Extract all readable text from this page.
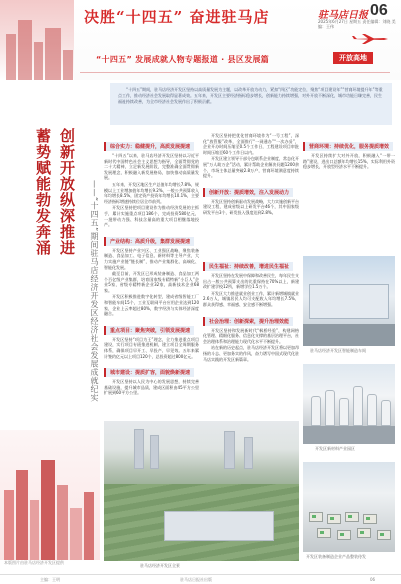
决胜“十四五” 奋进驻马店	驻马店日报 06
2025年6月27日 星期五 责任编辑：刘晓 美编：王伟
“十四五” 发展成就人物专题报道 · 县区发展篇	开放高地

“十四五”期间，驻马店经济开发区坚持以高质量发展为主题，以改革开放为动力，紧扣“四区”功能定位，聚焦“项目建设年”“营商环境提升年”等重点工作，推动经济社会发展取得显著成效。五年来，开发区主要经济指标稳步增长，创新能力持续增强，对外开放不断深化，城市功能日臻完善，民生福祉持续改善，为全市经济社会发展作出了积极贡献。

创新开放纵深推进
蓄势赋能勃发奔涌	——“十四五”期间驻马店经济开发区经济社会发展成就纪实
本版图片由驻马店经济开发区提供
综合实力：稳健提升，高质发展提速

“十四五”以来，驻马店经济开发区坚持以习近平新时代中国特色社会主义思想为指导，全面贯彻党的二十大精神，立足新发展阶段，完整准确全面贯彻新发展理念，积极融入新发展格局，加快推动高质量发展。

五年来，开发区地区生产总值年均增长7.8%，规模以上工业增加值年均增长9.2%，一般公共预算收入年均增长8.5%，固定资产投资年均增长10.1%，主要经济指标增速持续位居全市前列。

开发区坚持把项目建设作为推动经济发展的主抓手，累计实施重点项目186个，完成投资580亿元，一批带动力强、科技含量高的重大项目相继落地投产。

产业结构：高质升级，集群发展提速

开发区坚持产业兴区、工业强区战略，聚焦装备制造、食品加工、电子信息、新材料等主导产业，大力实施产业链“链长制”，推动产业集群化、高端化、智能化发展。

截至目前，开发区已形成装备制造、食品加工两个百亿级产业集群，培育国家级专精特新“小巨人”企业5家，省级专精特新企业32家，高新技术企业68家。

开发区积极推进数字化转型，建成省级智能工厂和智能车间15个，工业互联网平台应用企业达到120家，企业上云率超过80%，数字经济与实体经济深度融合。

重点项目：聚焦突破，引领发展提速

开发区坚持“项目为王”理念，全力推进重点项目建设，实行项目专班推进机制，建立项目全周期服务体系，确保项目早开工、早投产、早见效。五年来累计签约亿元以上项目120个，总投资超过800亿元。

城市建设：提质扩容，面貌焕新提速

开发区坚持以人民为中心的发展思想，持续完善基础设施，提升城市品质，建成区面积由45平方公里扩展到60平方公里。

开发区坚持把优化营商环境作为“一号工程”，深化“放管服”改革，全面推行“一网通办”“一次办妥”，企业开办时间压缩至0.5个工作日，工程建设项目审批时间压缩至60个工作日以内。

开发区建立领导干部分包联系企业制度，常态化开展“万人助万企”活动，累计帮助企业解决问题1200余个，市场主体总量突破2.8万户，营商环境满意度持续提升。

创新开放：提质增效，注入发展动力

开发区坚持创新驱动发展战略，大力实施创新平台建设工程，建成省级以上研发平台46个，其中国家级研发平台3个，研发投入强度达到2.8%。

营商环境：持续优化，服务提质增效

开发区持续扩大对外开放，积极融入“一带一路”建设，进出口总额年均增长15%，实际利用外资稳步增长，开放型经济水平不断提升。

民生福祉：持续改善，增进民生福祉

开发区坚持在发展中保障和改善民生，每年民生支出占一般公共预算支出的比重保持在70%以上，新建改扩建学校12所，新增学位1.5万个。

开发区大力推进就业创业工作，累计新增城镇就业2.6万人，城镇居民人均可支配收入年均增长7.5%，群众获得感、幸福感、安全感不断增强。

社会治理：创新探索，提升治理效能

开发区坚持和发展新时代“枫桥经验”，构建网格化管理、精细化服务、信息化支撑的基层治理平台，社会治理体系和治理能力现代化水平不断提升。

站在新的历史起点，驻马店经济开发区将以更加昂扬的斗志、更加务实的作风，奋力谱写中国式现代化驻马店实践的开发区新篇章。

驻马店经济开发区智能制造车间
开发区新材料产业园区
开发区装备制造企业产品整装待发
驻马店经济开发区全景
主编：王明	驻马店日报社出版	06
